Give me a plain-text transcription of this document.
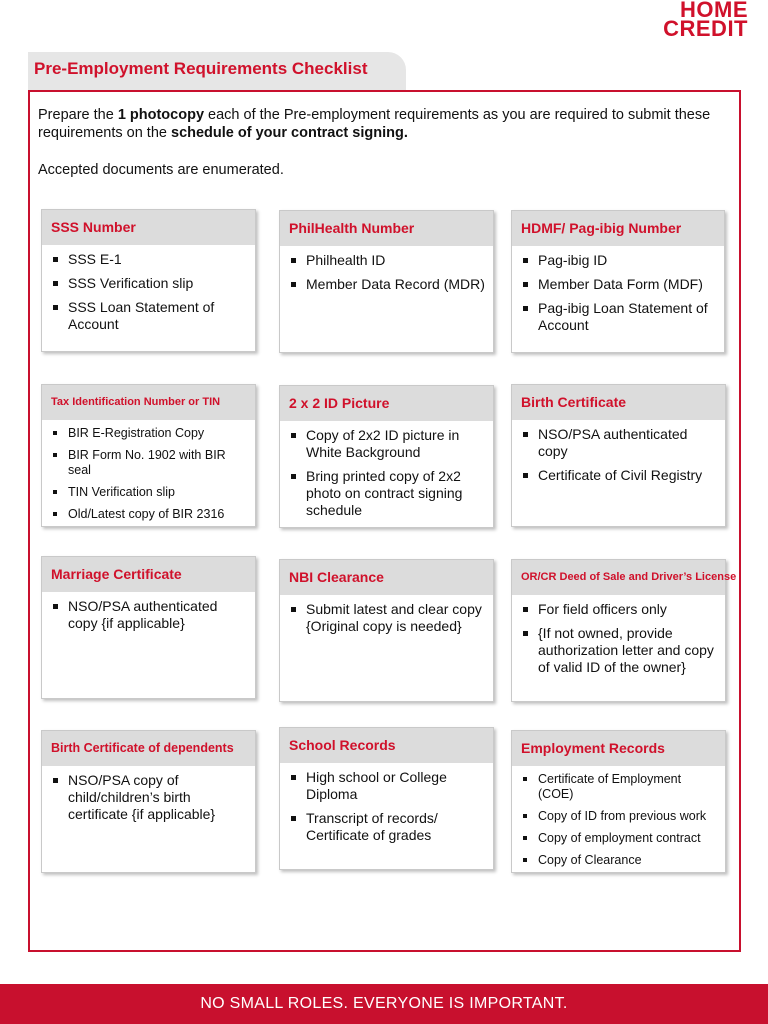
HOME
CREDIT
Pre-Employment Requirements Checklist

Prepare the 1 photocopy each of the Pre-employment requirements as you are required to submit these requirements on the schedule of your contract signing.

Accepted documents are enumerated.

SSS Number
SSS E-1
SSS Verification slip
SSS Loan Statement of Account
PhilHealth Number
Philhealth ID
Member Data Record (MDR)
HDMF/ Pag-ibig Number
Pag-ibig ID
Member Data Form (MDF)
Pag-ibig Loan Statement of Account
Tax Identification Number or TIN
BIR E-Registration Copy
BIR Form No. 1902 with BIR seal
TIN Verification slip
Old/Latest copy of BIR 2316
2 x 2 ID Picture
Copy of 2x2 ID picture in White Background
Bring printed copy of 2x2 photo on contract signing schedule
Birth Certificate
NSO/PSA authenticated copy
Certificate of Civil Registry
Marriage Certificate
NSO/PSA authenticated copy {if applicable}
NBI Clearance
Submit latest and clear copy {Original copy is needed}
OR/CR Deed of Sale and Driver’s License
For field officers only
{If not owned, provide authorization letter and copy of valid ID of the owner}
Birth Certificate of dependents
NSO/PSA copy of child/children’s birth certificate {if applicable}
School Records
High school or College Diploma
Transcript of records/ Certificate of grades
Employment Records
Certificate of Employment (COE)
Copy of ID from previous work
Copy of employment contract
Copy of Clearance
NO SMALL ROLES. EVERYONE IS IMPORTANT.
